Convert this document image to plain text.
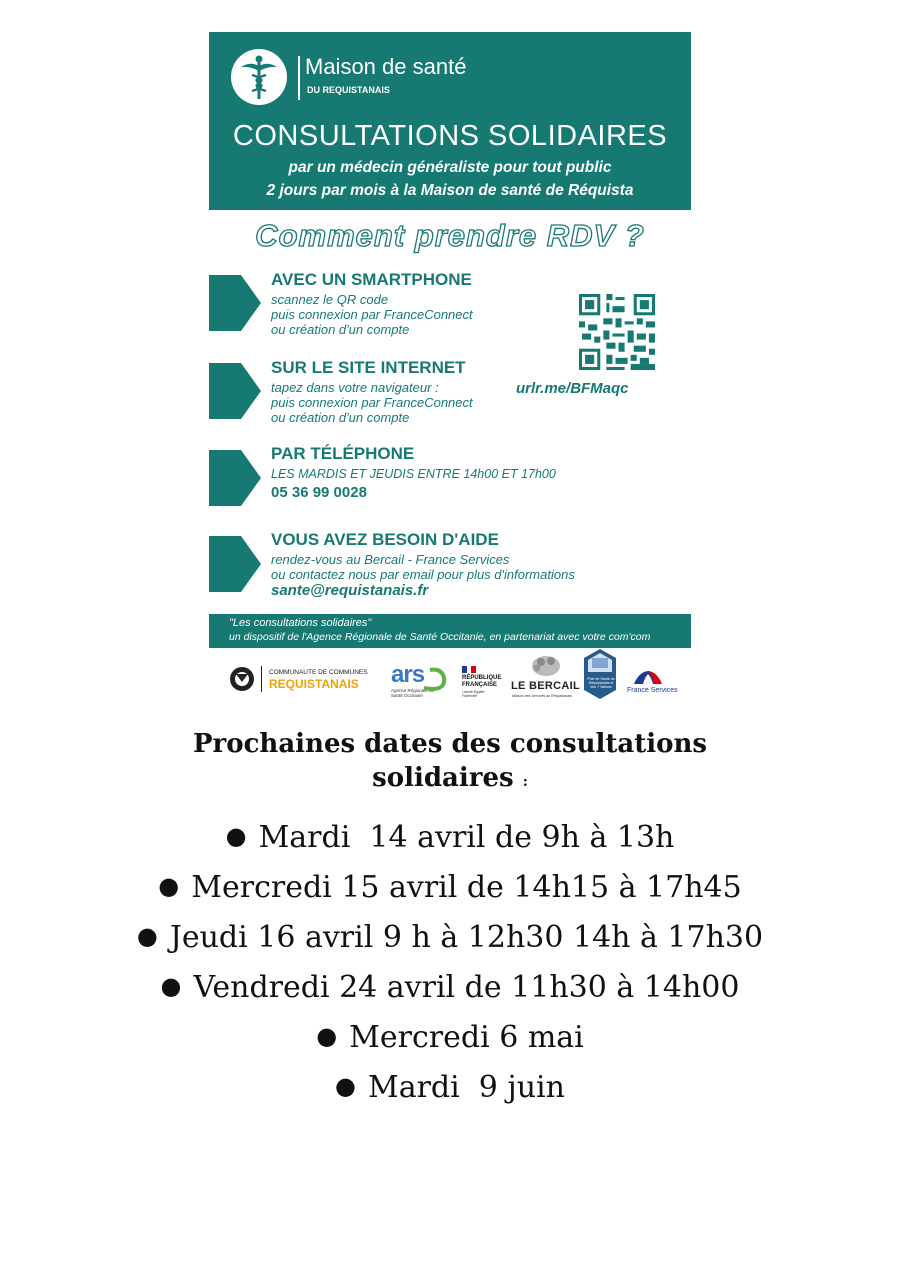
Maison de santé
DU REQUISTANAIS
CONSULTATIONS SOLIDAIRES
par un médecin généraliste pour tout public
2 jours par mois à la Maison de santé de Réquista
Comment prendre RDV ?
AVEC UN SMARTPHONE
scannez le QR code
puis connexion par FranceConnect
ou création d'un compte
SUR LE SITE INTERNET
tapez dans votre navigateur :
puis connexion par FranceConnect
ou création d'un compte
urlr.me/BFMaqc
PAR TÉLÉPHONE
LES MARDIS ET JEUDIS ENTRE 14h00 ET 17h00
05 36 99 0028
VOUS AVEZ BESOIN D'AIDE
rendez-vous au Bercail - France Services
ou contactez nous par email pour plus d'informations
sante@requistanais.fr
"Les consultations solidaires"
un dispositif de l'Agence Régionale de Santé Occitanie, en partenariat avec votre com'com
COMMUNAUTE DE COMMUNES
REQUISTANAIS ars
Agence Régionale de Santé Occitanie
RÉPUBLIQUE FRANÇAISE
Liberté Égalité Fraternité
LE BERCAIL
Maison des Services au Réquistanais
Pôle de Santé du Réquistanais et des 7 Vallons	France Services
Prochaines dates des consultations
solidaires :
● Mardi  14 avril de 9h à 13h
● Mercredi 15 avril de 14h15 à 17h45
● Jeudi 16 avril 9 h à 12h30 14h à 17h30
● Vendredi 24 avril de 11h30 à 14h00
● Mercredi 6 mai
● Mardi  9 juin
